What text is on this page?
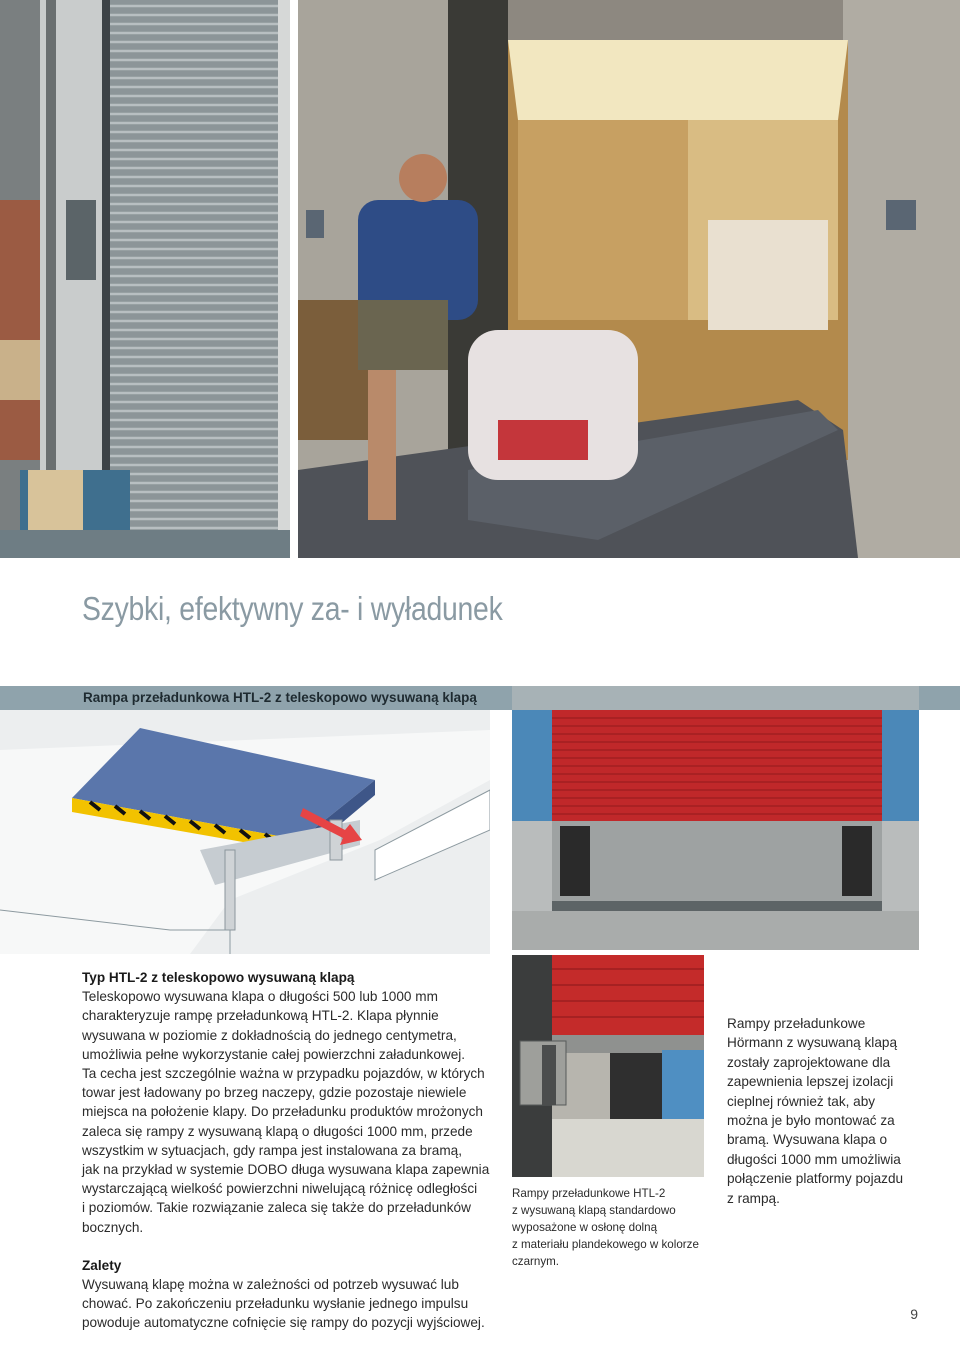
Szybki, efektywny za- i wyładunek
Rampa przeładunkowa HTL-2 z teleskopowo wysuwaną klapą

Typ HTL-2 z teleskopowo wysuwaną klapą

Teleskopowo wysuwana klapa o długości 500 lub 1000 mm
charakteryzuje rampę przeładunkową HTL-2. Klapa płynnie
wysuwana w poziomie z dokładnością do jednego centymetra,
umożliwia pełne wykorzystanie całej powierzchni załadunkowej.
Ta cecha jest szczególnie ważna w przypadku pojazdów, w których
towar jest ładowany po brzeg naczepy, gdzie pozostaje niewiele
miejsca na położenie klapy. Do przeładunku produktów mrożonych
zaleca się rampy z wysuwaną klapą o długości 1000 mm, przede
wszystkim w sytuacjach, gdy rampa jest instalowana za bramą,
jak na przykład w systemie DOBO długa wysuwana klapa zapewnia
wystarczającą wielkość powierzchni niwelującą różnicę odległości
i poziomów. Takie rozwiązanie zaleca się także do przeładunków
bocznych.

Zalety

Wysuwaną klapę można w zależności od potrzeb wysuwać lub
chować. Po zakończeniu przeładunku wysłanie jednego impulsu
powoduje automatyczne cofnięcie się rampy do pozycji wyjściowej.
Rampy przeładunkowe HTL-2
z wysuwaną klapą standardowo
wyposażone w osłonę dolną
z materiału plandekowego w kolorze
czarnym.
Rampy przeładunkowe
Hörmann z wysuwaną klapą
zostały zaprojektowane dla
zapewnienia lepszej izolacji
cieplnej również tak, aby
można je było montować za
bramą. Wysuwana klapa o
długości 1000 mm umożliwia
połączenie platformy pojazdu
z rampą.
9
